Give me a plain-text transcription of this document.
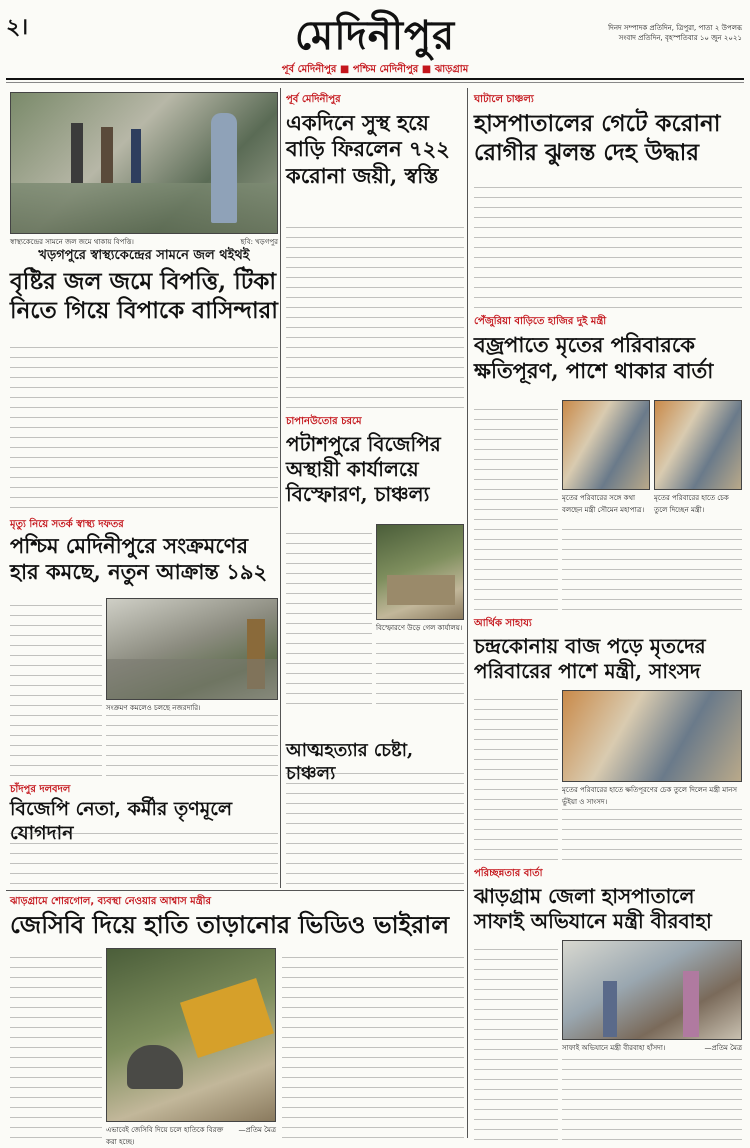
২।	মেদিনীপুর	দিনদ সম্পাদক প্রতিদিন, ত্রিপুরা, পাতা ২ উপলব্ধ
সংবাদ প্রতিদিন, বৃহস্পতিবার ১০ জুন ২০২১
পূর্ব মেদিনীপুর ■ পশ্চিম মেদিনীপুর ■ ঝাড়গ্রাম
স্বাস্থ্যকেন্দ্রের সামনে জল জমে থাকায় বিপত্তি।	ছবি: খড়গপুর
খড়গপুরে স্বাস্থ্যকেন্দ্রের সামনে জল থইথই
বৃষ্টির জল জমে বিপত্তি, টিকা নিতে গিয়ে বিপাকে বাসিন্দারা
মৃত্যু নিয়ে সতর্ক স্বাস্থ্য দফতর
পশ্চিম মেদিনীপুরে সংক্রমণের হার কমছে, নতুন আক্রান্ত ১৯২
সংক্রমণ কমলেও চলছে নজরদারি।
চাঁদপুর দলবদল
বিজেপি নেতা, কর্মীর তৃণমূলে যোগদান
পূর্ব মেদিনীপুর
একদিনে সুস্থ হয়ে বাড়ি ফিরলেন ৭২২ করোনা জয়ী, স্বস্তি
চাপানউতোর চরমে
পটাশপুরে বিজেপির অস্থায়ী কার্যালয়ে বিস্ফোরণ, চাঞ্চল্য
বিস্ফোরণে উড়ে গেল কার্যালয়।
আত্মহত্যার চেষ্টা, চাঞ্চল্য
ঘাটালে চাঞ্চল্য
হাসপাতালের গেটে করোনা রোগীর ঝুলন্ত দেহ উদ্ধার
পেঁজুরিয়া বাড়িতে হাজির দুই মন্ত্রী
বজ্রপাতে মৃতের পরিবারকে ক্ষতিপূরণ, পাশে থাকার বার্তা
মৃতের পরিবারের সঙ্গে কথা বলছেন মন্ত্রী সৌমেন মহাপাত্র।
মৃতের পরিবারের হাতে চেক তুলে দিচ্ছেন মন্ত্রী।
আর্থিক সাহায্য
চন্দ্রকোনায় বাজ পড়ে মৃতদের পরিবারের পাশে মন্ত্রী, সাংসদ
মৃতের পরিবারের হাতে ক্ষতিপূরণের চেক তুলে দিলেন মন্ত্রী মানস ভুঁইয়া ও সাংসদ।
পরিচ্ছন্নতার বার্তা
ঝাড়গ্রাম জেলা হাসপাতালে সাফাই অভিযানে মন্ত্রী বীরবাহা
সাফাই অভিযানে মন্ত্রী বীরবাহা হাঁসদা।	—প্রতিম মৈত্র
ঝাড়গ্রামে শোরগোল, ব্যবস্থা নেওয়ার আশ্বাস মন্ত্রীর
জেসিবি দিয়ে হাতি তাড়ানোর ভিডিও ভাইরাল
এভাবেই জেসিবি দিয়ে চলে হাতিকে বিরক্ত করা হচ্ছে।
—প্রতিম মৈত্র
